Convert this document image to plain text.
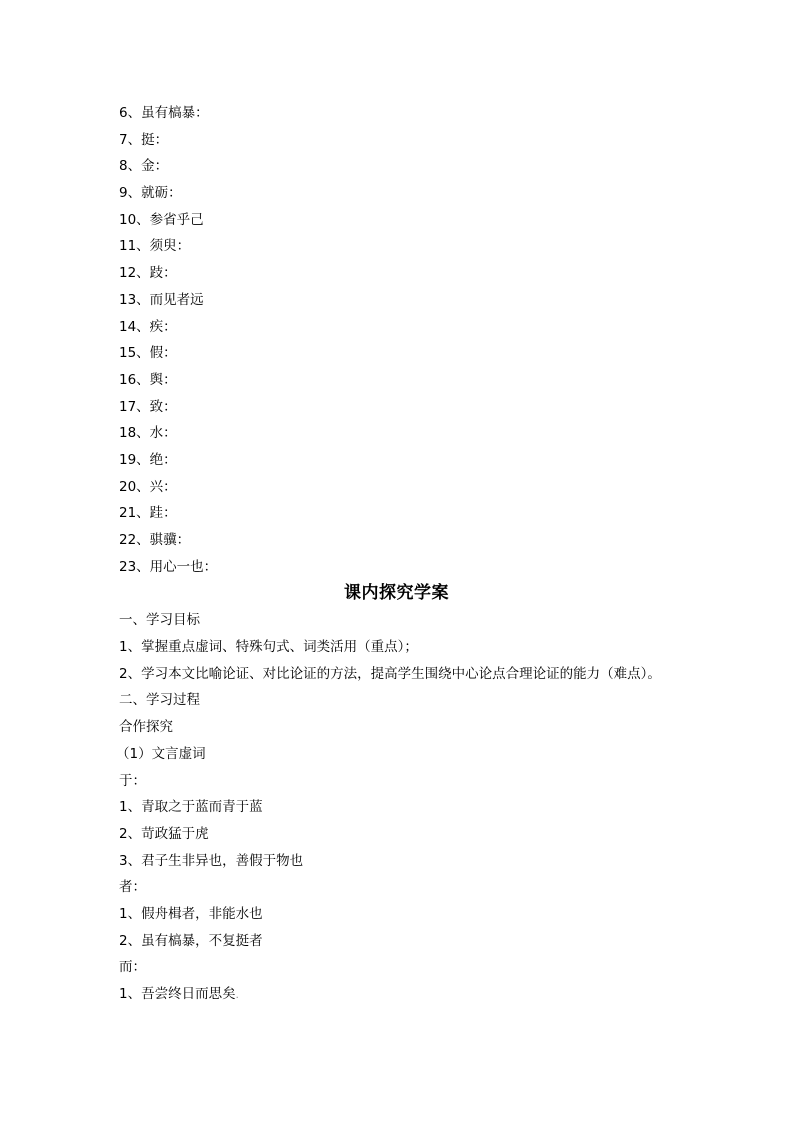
6、虽有槁暴：
7、挺：
8、金：
9、就砺：
10、参省乎己
11、须臾：
12、跂：
13、而见者远
14、疾：
15、假：
16、舆：
17、致：
18、水：
19、绝：
20、兴：
21、跬：
22、骐骥：
23、用心一也：
课内探究学案
一、学习目标
1、掌握重点虚词、特殊句式、词类活用（重点）；
2、学习本文比喻论证、对比论证的方法，提高学生围绕中心论点合理论证的能力（难点）。
二、学习过程
合作探究
（1）文言虚词
于：
1、青取之于蓝而青于蓝
2、苛政猛于虎
3、君子生非异也，善假于物也
者：
1、假舟楫者，非能水也
2、虽有槁暴，不复挺者
而：
1、吾尝终日而思矣.
